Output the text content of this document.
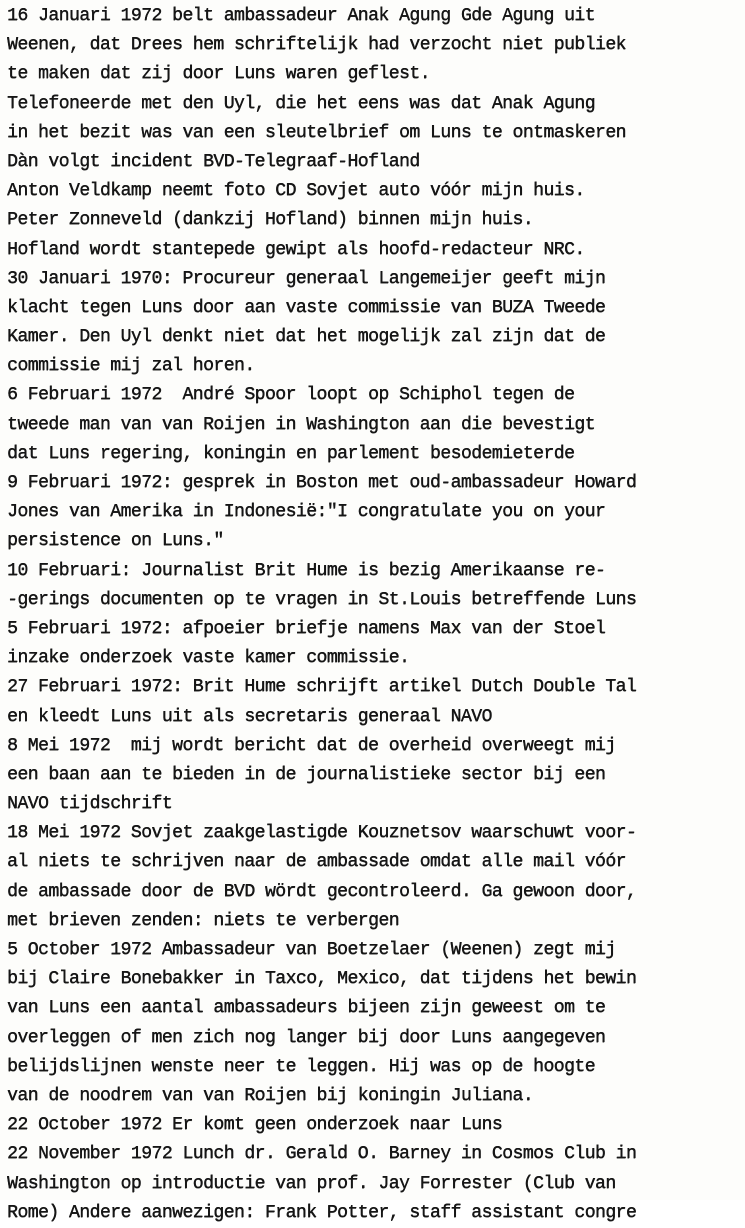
16 Januari 1972 belt ambassadeur Anak Agung Gde Agung uit
Weenen, dat Drees hem schriftelijk had verzocht niet publiek
te maken dat zij door Luns waren geflest.
Telefoneerde met den Uyl, die het eens was dat Anak Agung
in het bezit was van een sleutelbrief om Luns te ontmaskeren
Dàn volgt incident BVD-Telegraaf-Hofland
Anton Veldkamp neemt foto CD Sovjet auto vóór mijn huis.
Peter Zonneveld (dankzij Hofland) binnen mijn huis.
Hofland wordt stantepede gewipt als hoofd-redacteur NRC.
30 Januari 1970: Procureur generaal Langemeijer geeft mijn
klacht tegen Luns door aan vaste commissie van BUZA Tweede
Kamer. Den Uyl denkt niet dat het mogelijk zal zijn dat de
commissie mij zal horen.
6 Februari 1972  André Spoor loopt op Schiphol tegen de
tweede man van van Roijen in Washington aan die bevestigt
dat Luns regering, koningin en parlement besodemieterde
9 Februari 1972: gesprek in Boston met oud-ambassadeur Howard
Jones van Amerika in Indonesië:"I congratulate you on your
persistence on Luns."
10 Februari: Journalist Brit Hume is bezig Amerikaanse re-
-gerings documenten op te vragen in St.Louis betreffende Luns
5 Februari 1972: afpoeier briefje namens Max van der Stoel
inzake onderzoek vaste kamer commissie.
27 Februari 1972: Brit Hume schrijft artikel Dutch Double Tal
en kleedt Luns uit als secretaris generaal NAVO
8 Mei 1972  mij wordt bericht dat de overheid overweegt mij
een baan aan te bieden in de journalistieke sector bij een
NAVO tijdschrift
18 Mei 1972 Sovjet zaakgelastigde Kouznetsov waarschuwt voor-
al niets te schrijven naar de ambassade omdat alle mail vóór
de ambassade door de BVD wördt gecontroleerd. Ga gewoon door,
met brieven zenden: niets te verbergen
5 October 1972 Ambassadeur van Boetzelaer (Weenen) zegt mij
bij Claire Bonebakker in Taxco, Mexico, dat tijdens het bewin
van Luns een aantal ambassadeurs bijeen zijn geweest om te
overleggen of men zich nog langer bij door Luns aangegeven
belijdslijnen wenste neer te leggen. Hij was op de hoogte
van de noodrem van van Roijen bij koningin Juliana.
22 October 1972 Er komt geen onderzoek naar Luns
22 November 1972 Lunch dr. Gerald O. Barney in Cosmos Club in
Washington op introductie van prof. Jay Forrester (Club van
Rome) Andere aanwezigen: Frank Potter, staff assistant congre
